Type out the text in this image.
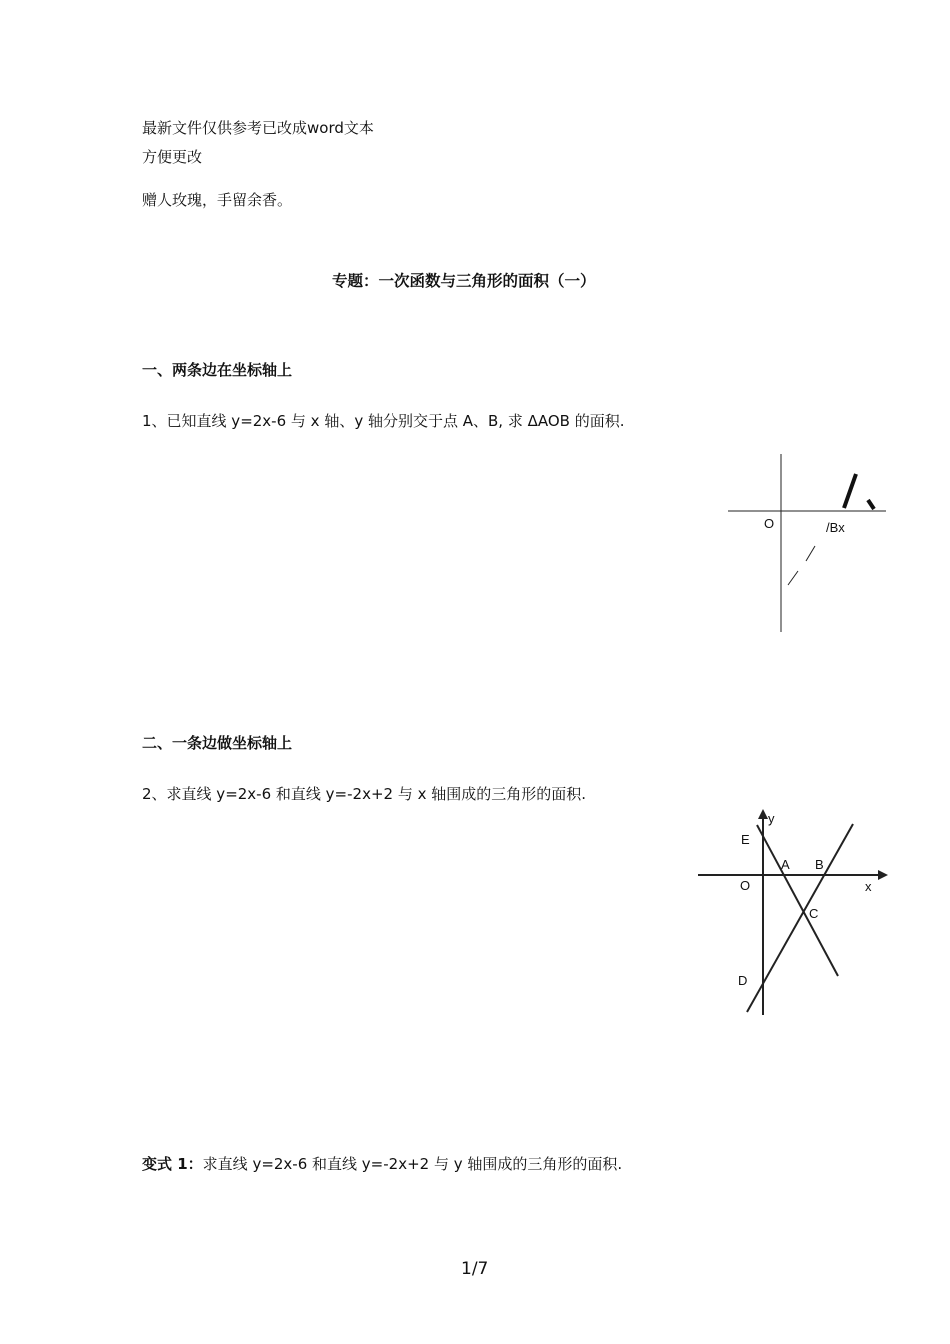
最新文件仅供参考已改成word文本
方便更改
赠人玫瑰，手留余香。
专题：一次函数与三角形的面积（一）
一、两条边在坐标轴上
1、已知直线 y=2x-6 与 x 轴、y 轴分别交于点 A、B, 求 ΔAOB 的面积.
O	/Bx
二、一条边做坐标轴上
2、求直线 y=2x-6 和直线 y=-2x+2 与 x 轴围成的三角形的面积.
y
x
O
E
A B
C
D
变式 1：求直线 y=2x-6 和直线 y=-2x+2 与 y 轴围成的三角形的面积.
1/7
